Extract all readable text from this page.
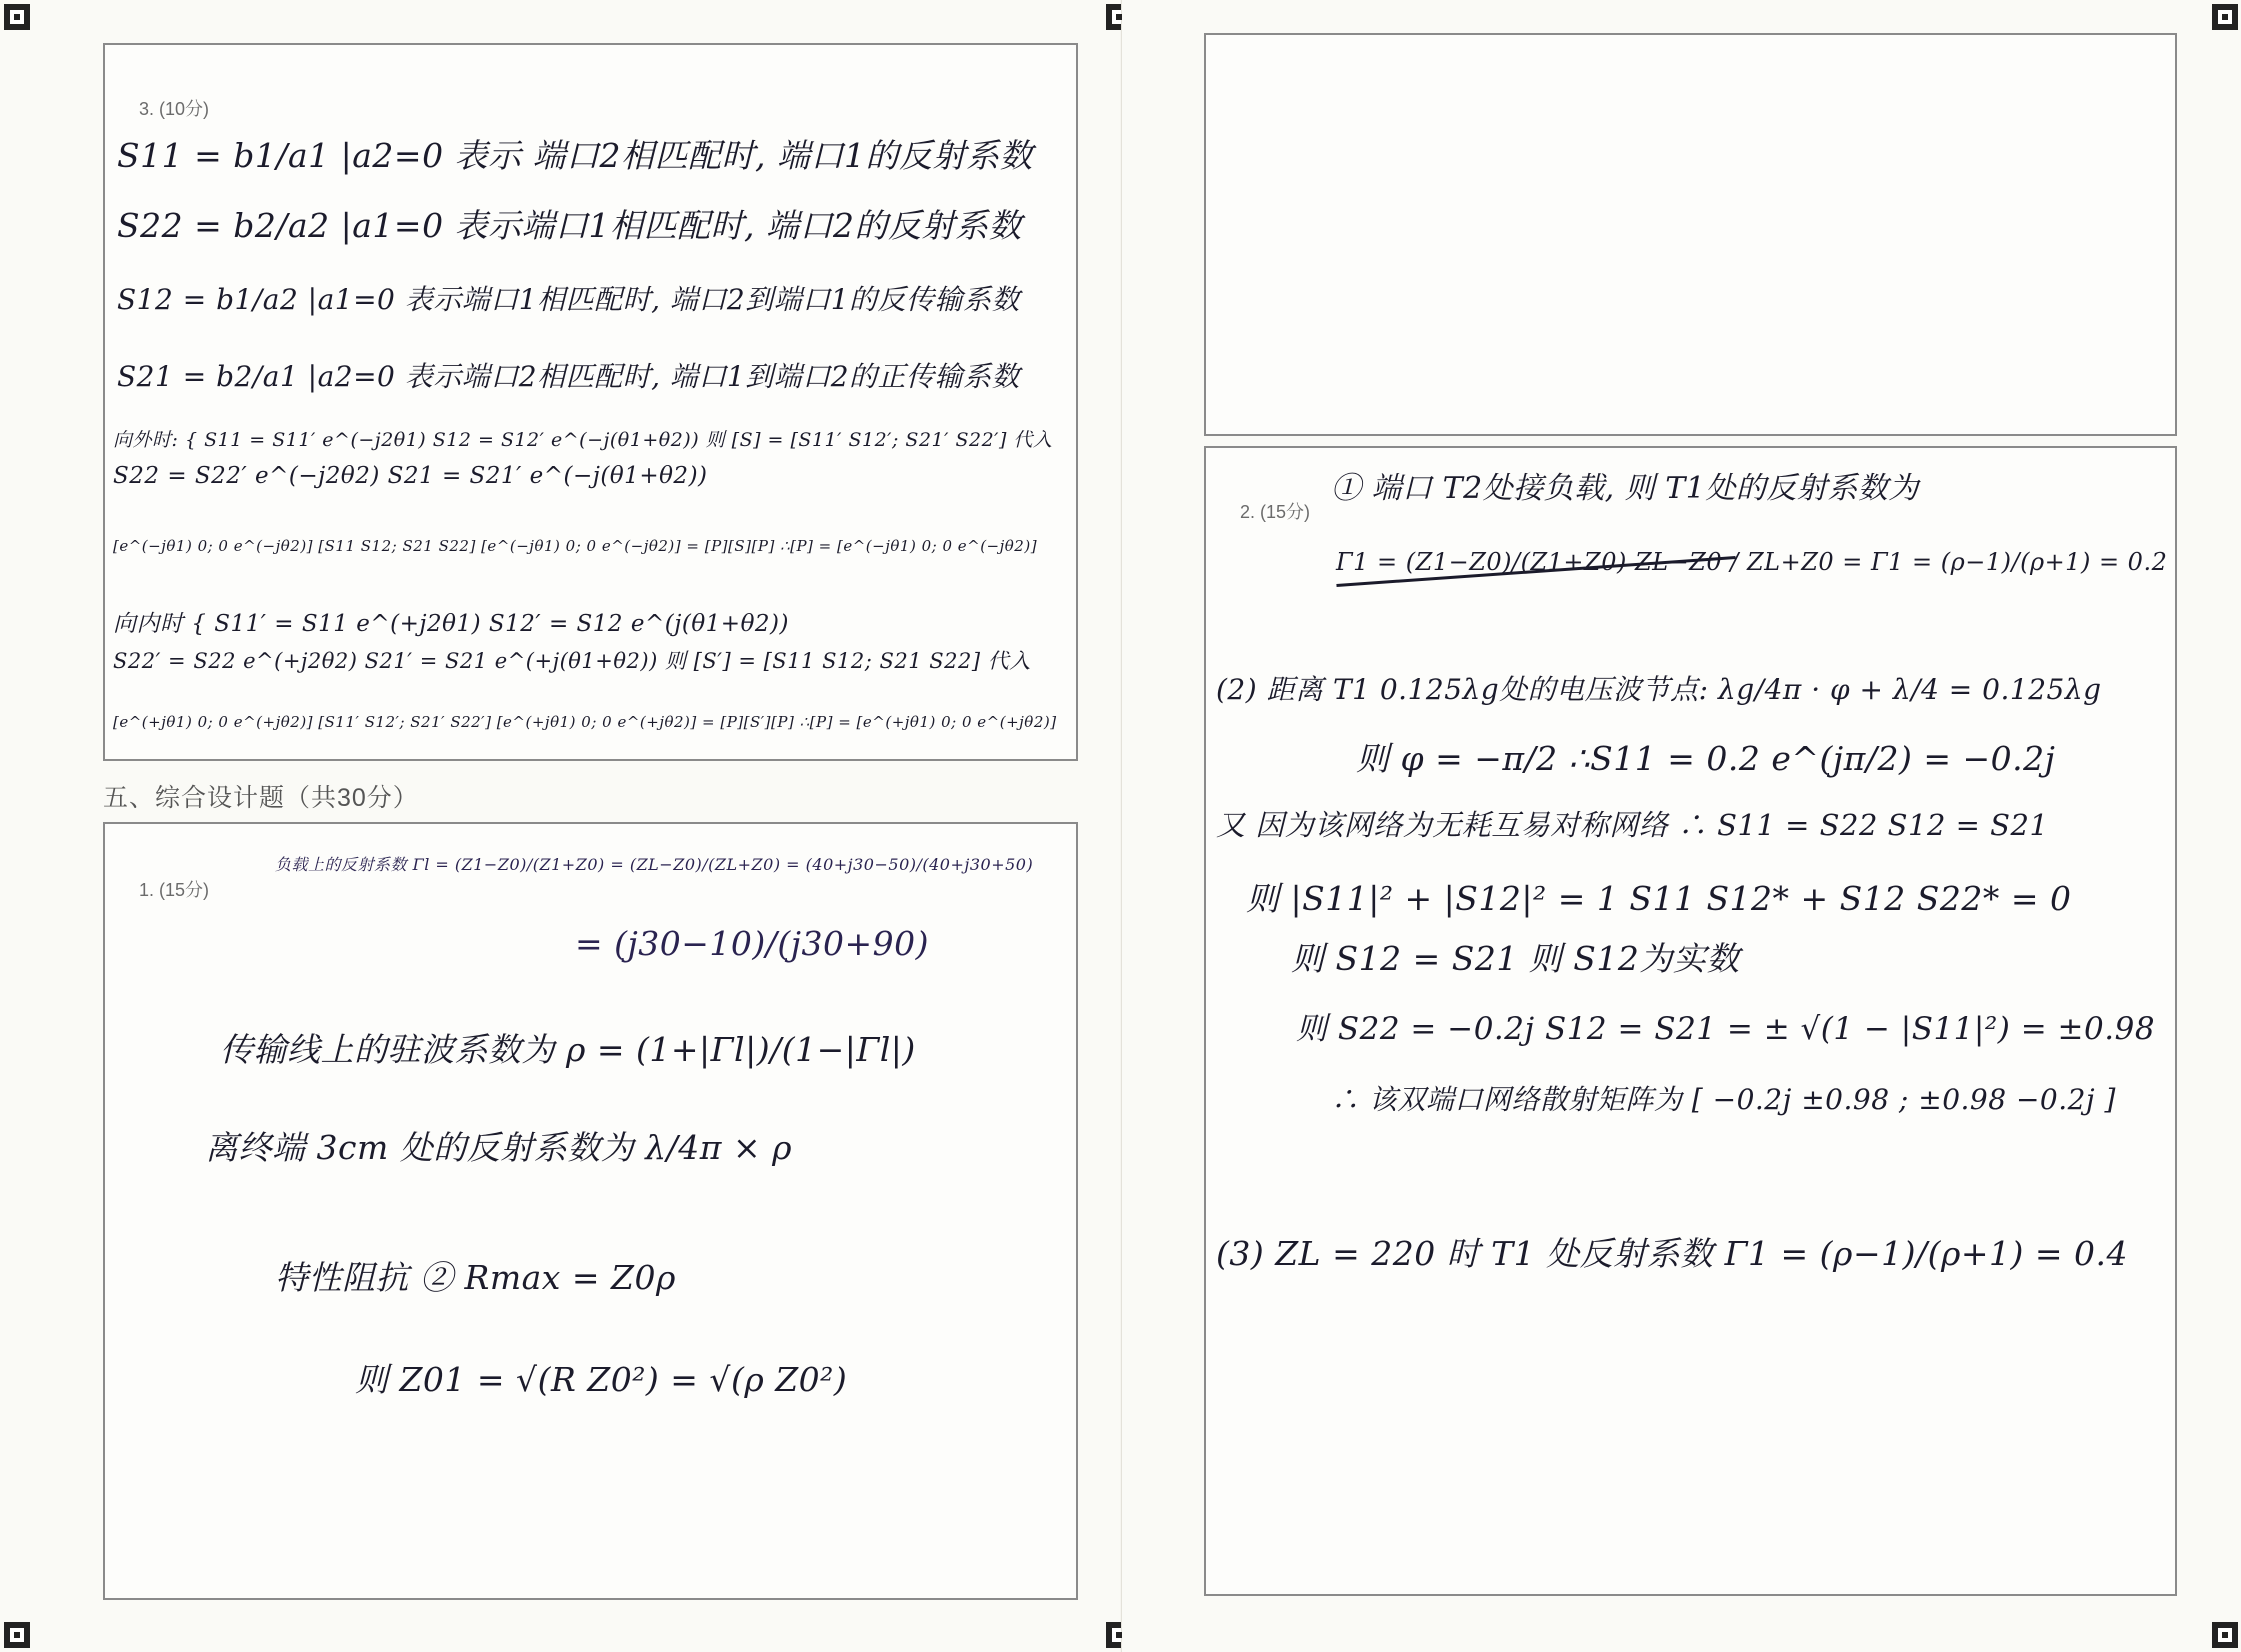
3. (10分)
S11 = b1/a1 |a2=0 表示 端口2相匹配时, 端口1的反射系数
S22 = b2/a2 |a1=0 表示端口1相匹配时, 端口2的反射系数
S12 = b1/a2 |a1=0 表示端口1相匹配时, 端口2到端口1的反传输系数
S21 = b2/a1 |a2=0 表示端口2相匹配时, 端口1到端口2的正传输系数
向外时: { S11 = S11′ e^(−j2θ1) S12 = S12′ e^(−j(θ1+θ2)) 则 [S] = [S11′ S12′; S21′ S22′] 代入
S22 = S22′ e^(−j2θ2) S21 = S21′ e^(−j(θ1+θ2))
[e^(−jθ1) 0; 0 e^(−jθ2)] [S11 S12; S21 S22] [e^(−jθ1) 0; 0 e^(−jθ2)] = [P][S][P] ∴[P] = [e^(−jθ1) 0; 0 e^(−jθ2)]
向内时 { S11′ = S11 e^(+j2θ1) S12′ = S12 e^(j(θ1+θ2))
S22′ = S22 e^(+j2θ2) S21′ = S21 e^(+j(θ1+θ2)) 则 [S′] = [S11 S12; S21 S22] 代入
[e^(+jθ1) 0; 0 e^(+jθ2)] [S11′ S12′; S21′ S22′] [e^(+jθ1) 0; 0 e^(+jθ2)] = [P][S′][P] ∴[P] = [e^(+jθ1) 0; 0 e^(+jθ2)]
五、综合设计题（共30分）
1. (15分)
负载上的反射系数 Γl = (Z1−Z0)/(Z1+Z0) = (ZL−Z0)/(ZL+Z0) = (40+j30−50)/(40+j30+50)
= (j30−10)/(j30+90)
传输线上的驻波系数为 ρ = (1+|Γl|)/(1−|Γl|)
离终端 3cm 处的反射系数为 λ/4π × ρ
特性阻抗 ② Rmax = Z0ρ
则 Z01 = √(R Z0²) = √(ρ Z0²)
2. (15分)
① 端口 T2处接负载, 则 T1处的反射系数为
Γ1 = (Z1−Z0)/(Z1+Z0) ZL−Z0 / ZL+Z0 = Γ1 = (ρ−1)/(ρ+1) = 0.2
(2) 距离 T1 0.125λg处的电压波节点: λg/4π · φ + λ/4 = 0.125λg
则 φ = −π/2 ∴S11 = 0.2 e^(jπ/2) = −0.2j
又 因为该网络为无耗互易对称网络 ∴ S11 = S22 S12 = S21
则 |S11|² + |S12|² = 1 S11 S12* + S12 S22* = 0
则 S12 = S21 则 S12为实数
则 S22 = −0.2j S12 = S21 = ± √(1 − |S11|²) = ±0.98
∴ 该双端口网络散射矩阵为 [ −0.2j ±0.98 ; ±0.98 −0.2j ]
(3) ZL = 220 时 T1 处反射系数 Γ1 = (ρ−1)/(ρ+1) = 0.4
